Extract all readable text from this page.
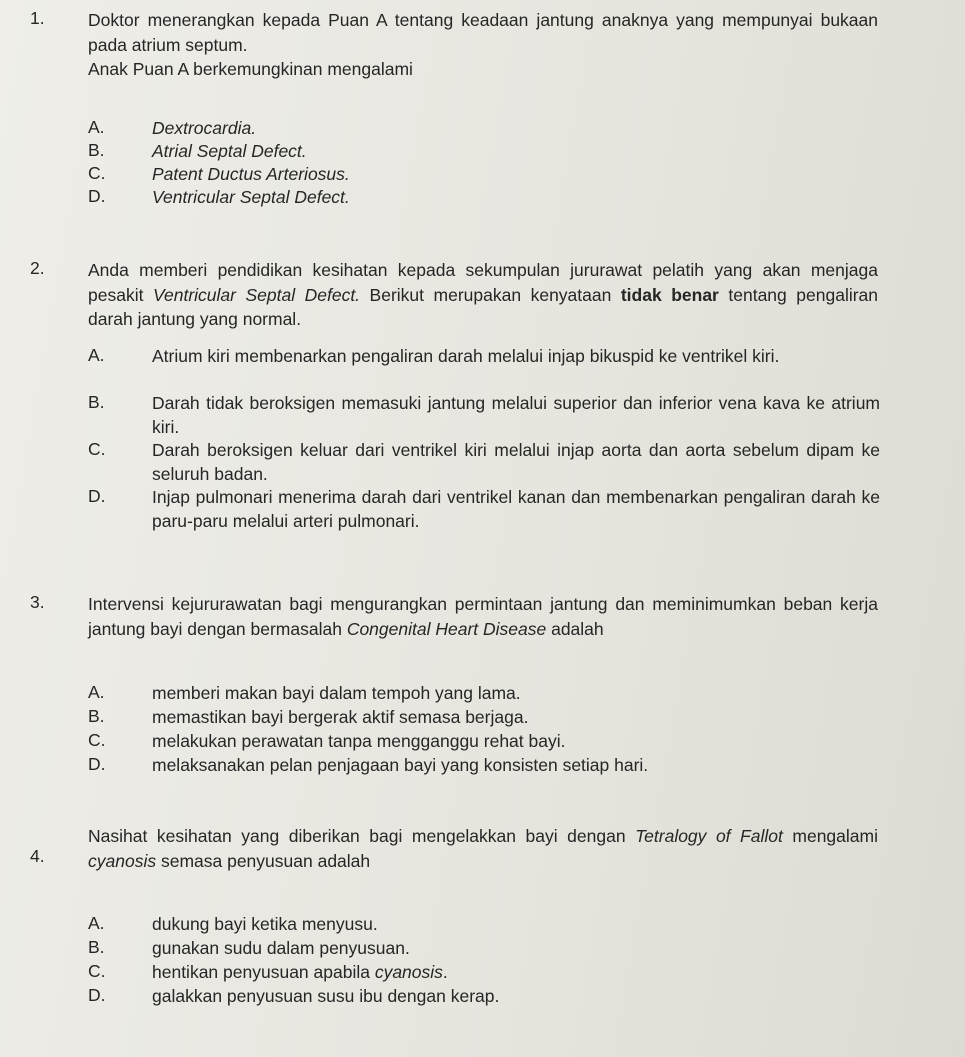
1. Doktor menerangkan kepada Puan A tentang keadaan jantung anaknya yang mempunyai bukaan pada atrium septum.
Anak Puan A berkemungkinan mengalami
A.	Dextrocardia.
B.	Atrial Septal Defect.
C.	Patent Ductus Arteriosus.
D.	Ventricular Septal Defect.
2. Anda memberi pendidikan kesihatan kepada sekumpulan jururawat pelatih yang akan menjaga pesakit Ventricular Septal Defect. Berikut merupakan kenyataan tidak benar tentang pengaliran darah jantung yang normal.
A.	Atrium kiri membenarkan pengaliran darah melalui injap bikuspid ke ventrikel kiri.
B.	Darah tidak beroksigen memasuki jantung melalui superior dan inferior vena kava ke atrium kiri.
C.	Darah beroksigen keluar dari ventrikel kiri melalui injap aorta dan aorta sebelum dipam ke seluruh badan.
D.	Injap pulmonari menerima darah dari ventrikel kanan dan membenarkan pengaliran darah ke paru-paru melalui arteri pulmonari.
3. Intervensi kejururawatan bagi mengurangkan permintaan jantung dan meminimumkan beban kerja jantung bayi dengan bermasalah Congenital Heart Disease adalah
A.	memberi makan bayi dalam tempoh yang lama.
B.	memastikan bayi bergerak aktif semasa berjaga.
C.	melakukan perawatan tanpa mengganggu rehat bayi.
D.	melaksanakan pelan penjagaan bayi yang konsisten setiap hari.
4.
Nasihat kesihatan yang diberikan bagi mengelakkan bayi dengan Tetralogy of Fallot mengalami cyanosis semasa penyusuan adalah
A.	dukung bayi ketika menyusu.
B.	gunakan sudu dalam penyusuan.
C.	hentikan penyusuan apabila cyanosis.
D.	galakkan penyusuan susu ibu dengan kerap.
